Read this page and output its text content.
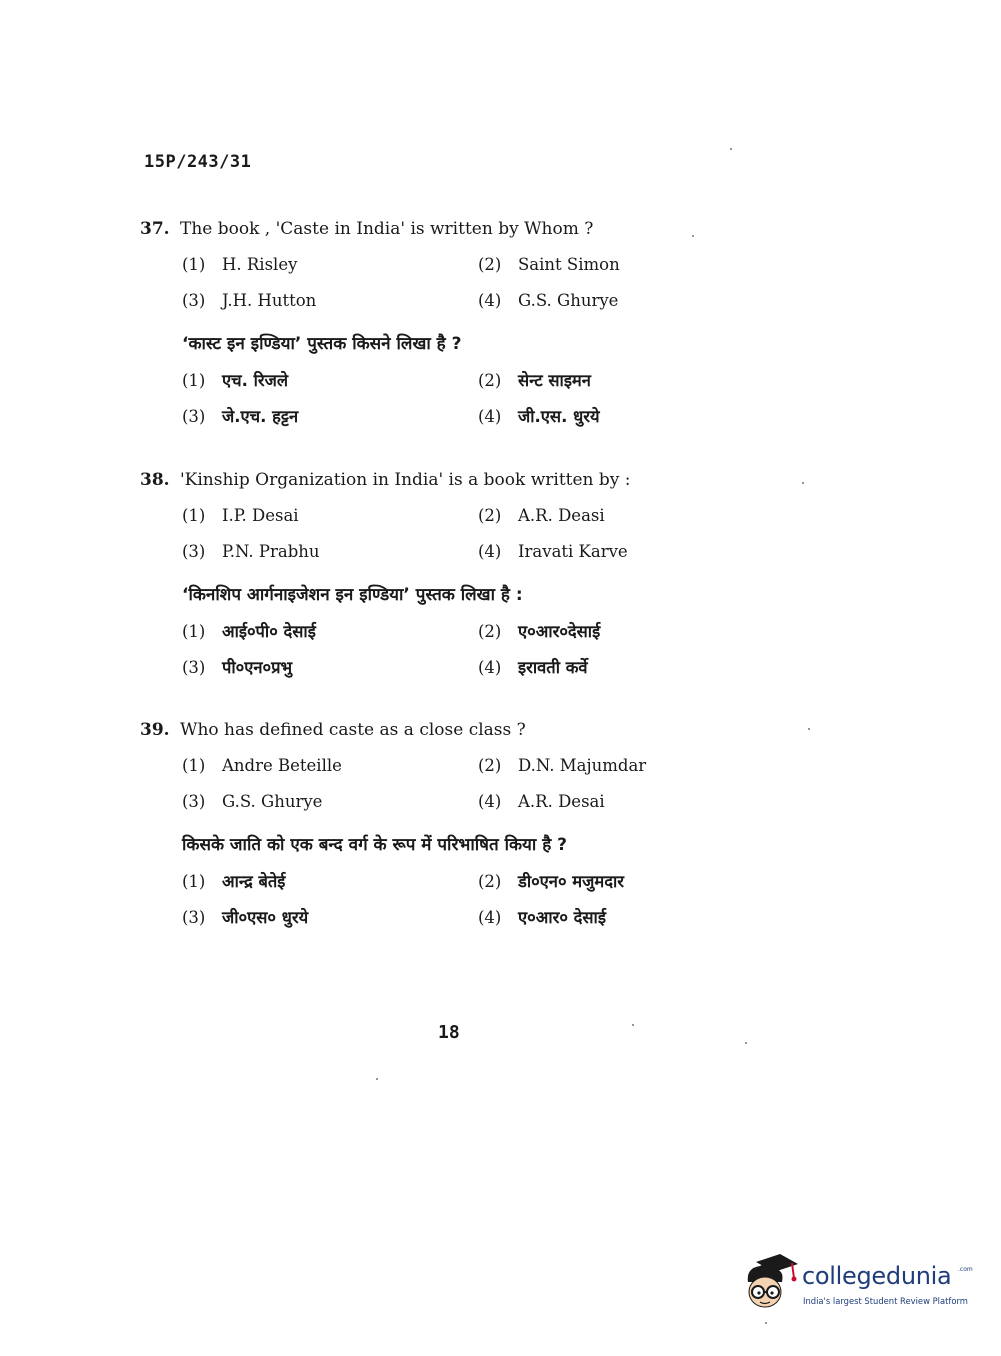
15P/243/31
37. The book , 'Caste in India' is written by Whom ?
(1) H. Risley	(2) Saint Simon
(3) J.H. Hutton	(4) G.S. Ghurye
‘कास्ट इन इण्डिया’ पुस्तक किसने लिखा है ?
(1) एच. रिजले	(2) सेन्ट साइमन
(3) जे.एच. हट्टन	(4) जी.एस. धुरये
38. 'Kinship Organization in India' is a book written by :
(1) I.P. Desai	(2) A.R. Deasi
(3) P.N. Prabhu	(4) Iravati Karve
‘किनशिप आर्गनाइजेशन इन इण्डिया’ पुस्तक लिखा है :
(1) आई०पी० देसाई	(2) ए०आर०देसाई
(3) पी०एन०प्रभु	(4) इरावती कर्वे
39. Who has defined caste as a close class ?
(1) Andre Beteille	(2) D.N. Majumdar
(3) G.S. Ghurye	(4) A.R. Desai
किसके जाति को एक बन्द वर्ग के रूप में परिभाषित किया है ?
(1) आन्द्र बेतेई	(2) डी०एन० मजुमदार
(3) जी०एस० धुरये	(4) ए०आर० देसाई
18
collegedunia .com
India's largest Student Review Platform
